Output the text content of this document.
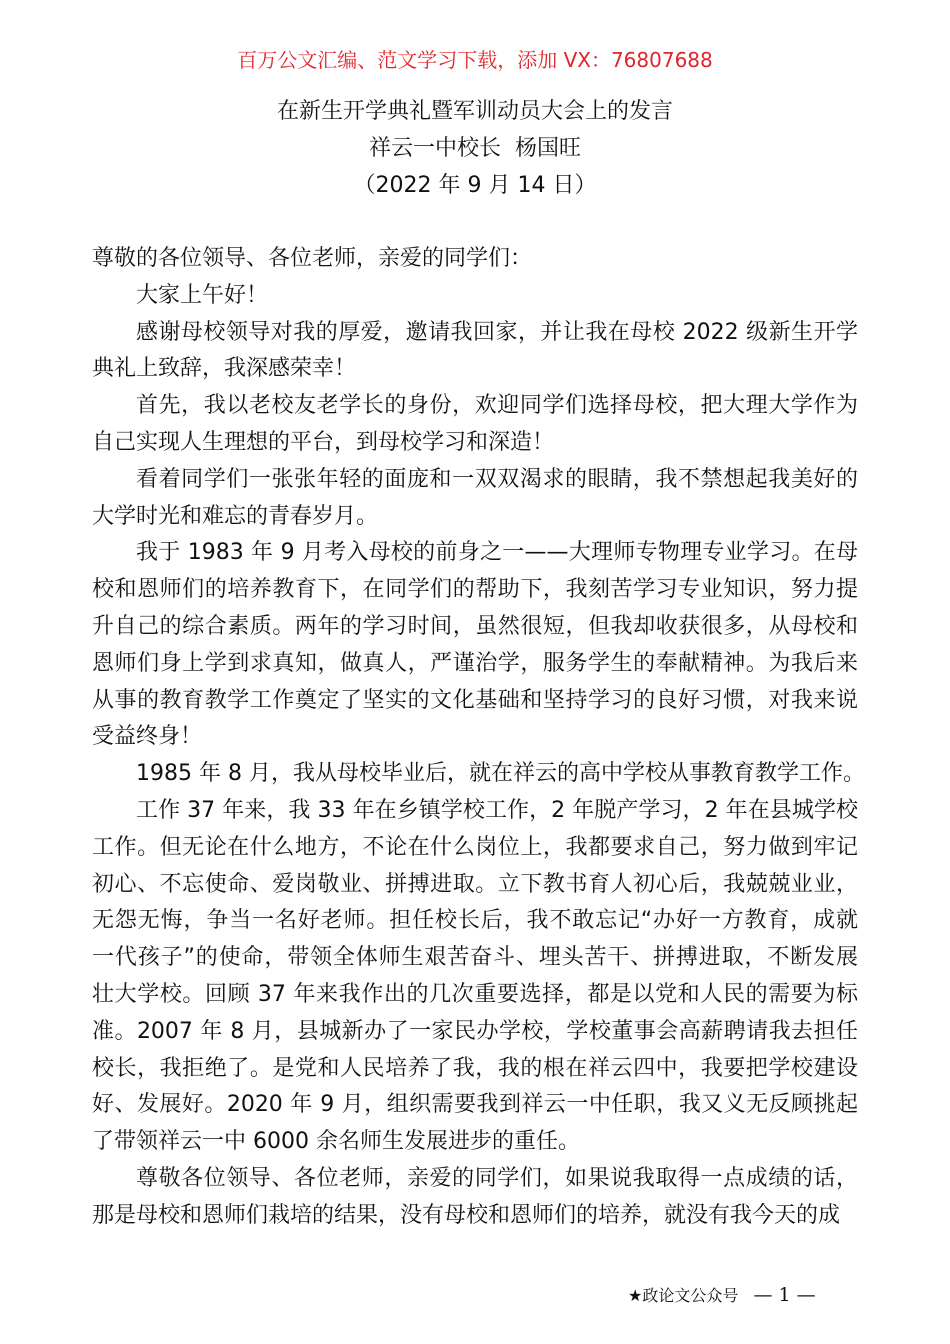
百万公文汇编、范文学习下载，添加 VX：76807688
在新生开学典礼暨军训动员大会上的发言
祥云一中校长  杨国旺
（2022 年 9 月 14 日）
尊敬的各位领导、各位老师，亲爱的同学们：
大家上午好！
感谢母校领导对我的厚爱，邀请我回家，并让我在母校 2022 级新生开学
典礼上致辞，我深感荣幸！
首先，我以老校友老学长的身份，欢迎同学们选择母校，把大理大学作为
自己实现人生理想的平台，到母校学习和深造！
看着同学们一张张年轻的面庞和一双双渴求的眼睛，我不禁想起我美好的
大学时光和难忘的青春岁月。
我于 1983 年 9 月考入母校的前身之一——大理师专物理专业学习。在母
校和恩师们的培养教育下，在同学们的帮助下，我刻苦学习专业知识，努力提
升自己的综合素质。两年的学习时间，虽然很短，但我却收获很多，从母校和
恩师们身上学到求真知，做真人，严谨治学，服务学生的奉献精神。为我后来
从事的教育教学工作奠定了坚实的文化基础和坚持学习的良好习惯，对我来说
受益终身！
1985 年 8 月，我从母校毕业后，就在祥云的高中学校从事教育教学工作。
工作 37 年来，我 33 年在乡镇学校工作，2 年脱产学习，2 年在县城学校
工作。但无论在什么地方，不论在什么岗位上，我都要求自己，努力做到牢记
初心、不忘使命、爱岗敬业、拼搏进取。立下教书育人初心后，我兢兢业业，
无怨无悔，争当一名好老师。担任校长后，我不敢忘记“办好一方教育，成就
一代孩子”的使命，带领全体师生艰苦奋斗、埋头苦干、拼搏进取，不断发展
壮大学校。回顾 37 年来我作出的几次重要选择，都是以党和人民的需要为标
准。2007 年 8 月，县城新办了一家民办学校，学校董事会高薪聘请我去担任
校长，我拒绝了。是党和人民培养了我，我的根在祥云四中，我要把学校建设
好、发展好。2020 年 9 月，组织需要我到祥云一中任职，我又义无反顾挑起
了带领祥云一中 6000 余名师生发展进步的重任。
尊敬各位领导、各位老师，亲爱的同学们，如果说我取得一点成绩的话，
那是母校和恩师们栽培的结果，没有母校和恩师们的培养，就没有我今天的成
★政论文公众号 — 1 —
